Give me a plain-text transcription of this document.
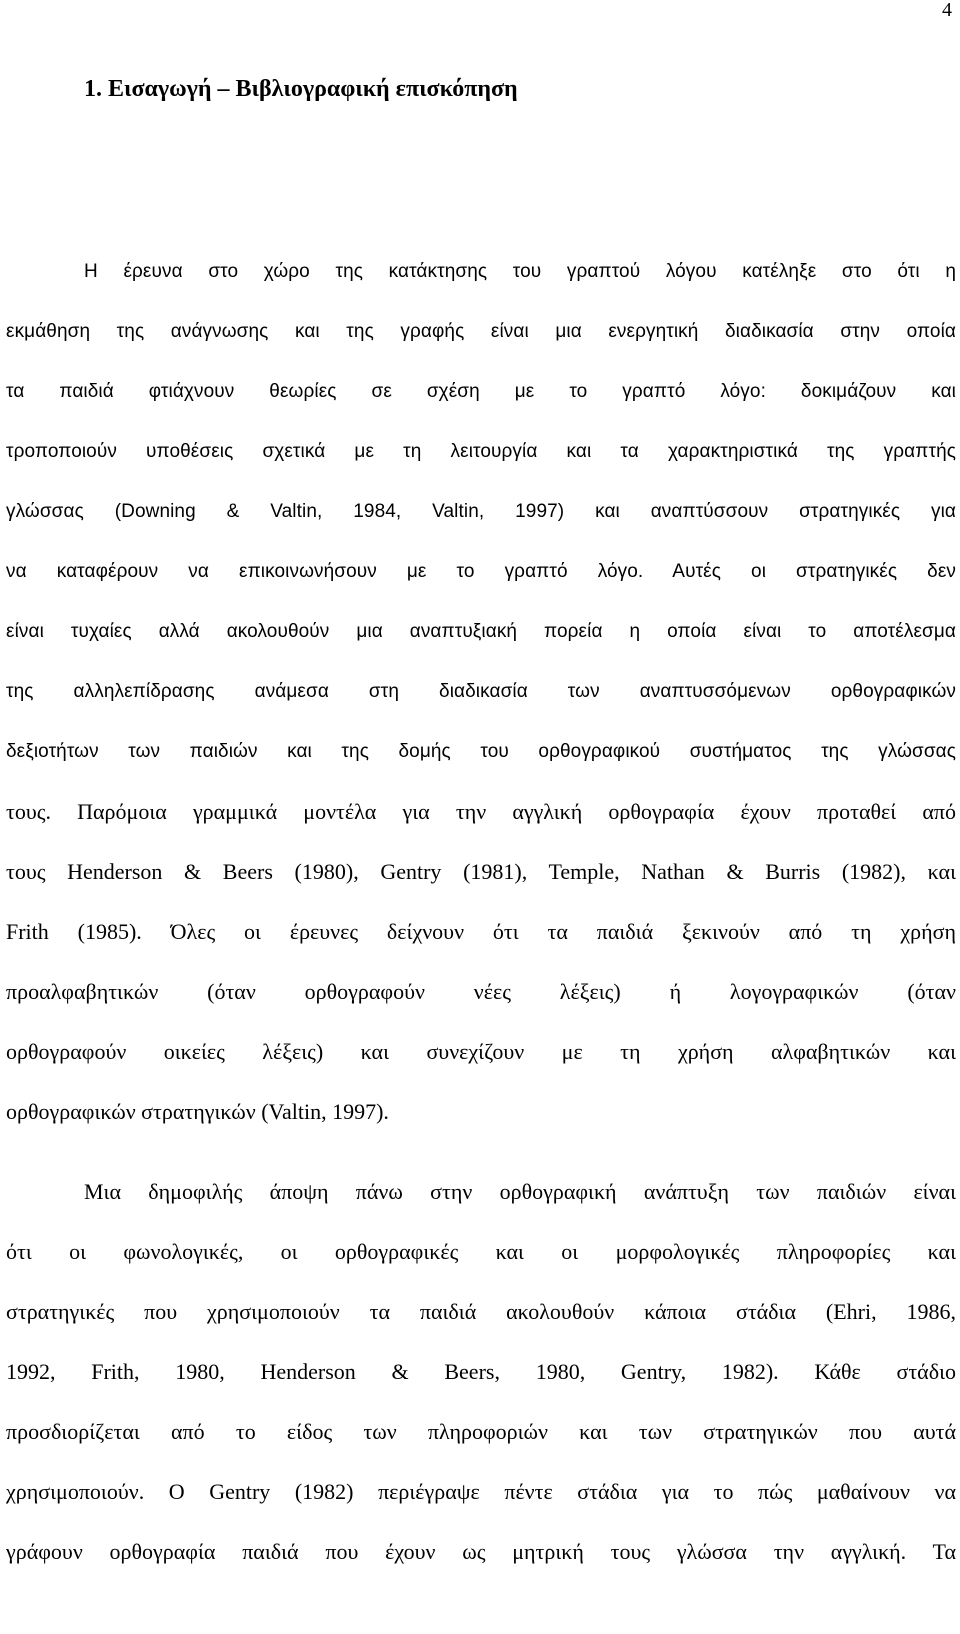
4
1. Εισαγωγή – Βιβλιογραφική επισκόπηση
Η έρευνα στο χώρο της κατάκτησης του γραπτού λόγου κατέληξε στο ότι η
εκμάθηση της ανάγνωσης και της γραφής είναι μια ενεργητική διαδικασία στην οποία
τα παιδιά φτιάχνουν θεωρίες σε σχέση με το γραπτό λόγο: δοκιμάζουν και
τροποποιούν υποθέσεις σχετικά με τη λειτουργία και τα χαρακτηριστικά της γραπτής
γλώσσας (Downing & Valtin, 1984, Valtin, 1997) και αναπτύσσουν στρατηγικές για
να καταφέρουν να επικοινωνήσουν με το γραπτό λόγο. Αυτές οι στρατηγικές δεν
είναι τυχαίες αλλά ακολουθούν μια αναπτυξιακή πορεία η οποία είναι το αποτέλεσμα
της αλληλεπίδρασης ανάμεσα στη διαδικασία των αναπτυσσόμενων ορθογραφικών
δεξιοτήτων των παιδιών και της δομής του ορθογραφικού συστήματος της γλώσσας
τους. Παρόμοια γραμμικά μοντέλα για την αγγλική ορθογραφία έχουν προταθεί από
τους Henderson & Beers (1980), Gentry (1981), Temple, Nathan & Burris (1982), και
Frith (1985). Όλες οι έρευνες δείχνουν ότι τα παιδιά ξεκινούν από τη χρήση
προαλφαβητικών (όταν ορθογραφούν νέες λέξεις) ή λογογραφικών (όταν
ορθογραφούν οικείες λέξεις) και συνεχίζουν με τη χρήση αλφαβητικών και
ορθογραφικών στρατηγικών (Valtin, 1997).
Μια δημοφιλής άποψη πάνω στην ορθογραφική ανάπτυξη των παιδιών είναι
ότι οι φωνολογικές, οι ορθογραφικές και οι μορφολογικές πληροφορίες και
στρατηγικές που χρησιμοποιούν τα παιδιά ακολουθούν κάποια στάδια (Ehri, 1986,
1992, Frith, 1980, Henderson & Beers, 1980, Gentry, 1982). Κάθε στάδιο
προσδιορίζεται από το είδος των πληροφοριών και των στρατηγικών που αυτά
χρησιμοποιούν. Ο Gentry (1982) περιέγραψε πέντε στάδια για το πώς μαθαίνουν να
γράφουν ορθογραφία παιδιά που έχουν ως μητρική τους γλώσσα την αγγλική. Τα
